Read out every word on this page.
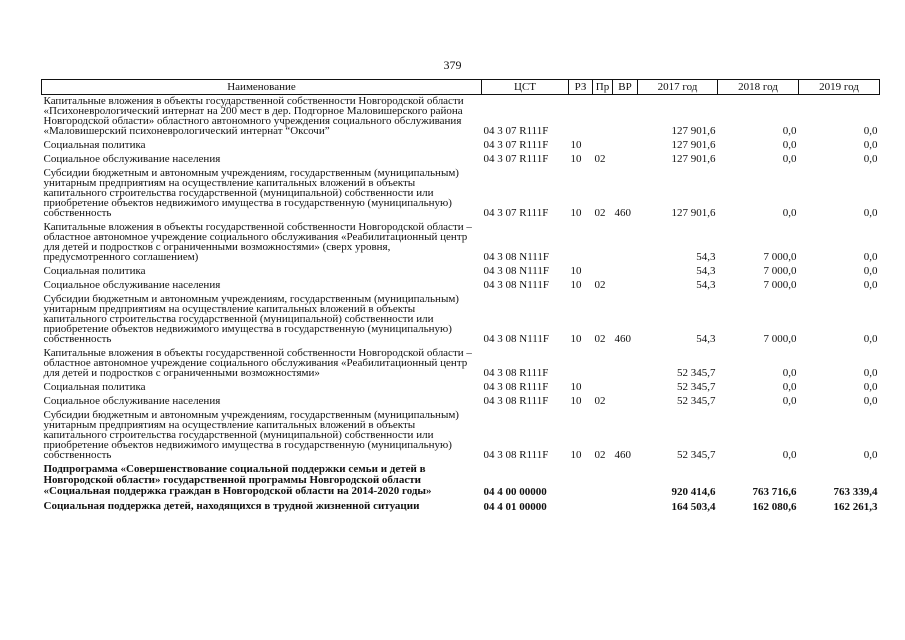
379
Наименование	ЦСТ	РЗ	Пр	ВР	2017 год	2018 год	2019 год
Капитальные вложения в объекты государственной собственности Новгородской области «Психоневрологический интернат на 200 мест в дер. Подгорное Маловишерского района Новгородской области» областного автономного учреждения социального обслуживания «Маловишерский психоневрологический интернат “Оксочи”	04 3 07 R111F				127 901,6	0,0	0,0
Социальная политика	04 3 07 R111F	10			127 901,6	0,0	0,0
Социальное обслуживание населения	04 3 07 R111F	10	02		127 901,6	0,0	0,0
Субсидии бюджетным и автономным учреждениям, государственным (муниципальным) унитарным предприятиям на осуществление капитальных вложений в объекты капитального строительства государственной (муниципальной) собственности или приобретение объектов недвижимого имущества в государственную (муниципальную) собственность	04 3 07 R111F	10	02	460	127 901,6	0,0	0,0
Капитальные вложения в объекты государственной собственности Новгородской области – областное автономное учреждение социального обслуживания «Реабилитационный центр для детей и подростков с ограниченными возможностями» (сверх уровня, предусмотренного соглашением)	04 3 08 N111F				54,3	7 000,0	0,0
Социальная политика	04 3 08 N111F	10			54,3	7 000,0	0,0
Социальное обслуживание населения	04 3 08 N111F	10	02		54,3	7 000,0	0,0
Субсидии бюджетным и автономным учреждениям, государственным (муниципальным) унитарным предприятиям на осуществление капитальных вложений в объекты капитального строительства государственной (муниципальной) собственности или приобретение объектов недвижимого имущества в государственную (муниципальную) собственность	04 3 08 N111F	10	02	460	54,3	7 000,0	0,0
Капитальные вложения в объекты государственной собственности Новгородской области – областное автономное учреждение социального обслуживания «Реабилитационный центр для детей и подростков с ограниченными возможностями»	04 3 08 R111F				52 345,7	0,0	0,0
Социальная политика	04 3 08 R111F	10			52 345,7	0,0	0,0
Социальное обслуживание населения	04 3 08 R111F	10	02		52 345,7	0,0	0,0
Субсидии бюджетным и автономным учреждениям, государственным (муниципальным) унитарным предприятиям на осуществление капитальных вложений в объекты капитального строительства государственной (муниципальной) собственности или приобретение объектов недвижимого имущества в государственную (муниципальную) собственность	04 3 08 R111F	10	02	460	52 345,7	0,0	0,0
Подпрограмма «Совершенствование социальной поддержки семьи и детей в Новгородской области» государственной программы Новгородской области «Социальная поддержка граждан в Новгородской области на 2014-2020 годы»	04 4 00 00000				920 414,6	763 716,6	763 339,4
Социальная поддержка детей, находящихся в трудной жизненной ситуации	04 4 01 00000				164 503,4	162 080,6	162 261,3
